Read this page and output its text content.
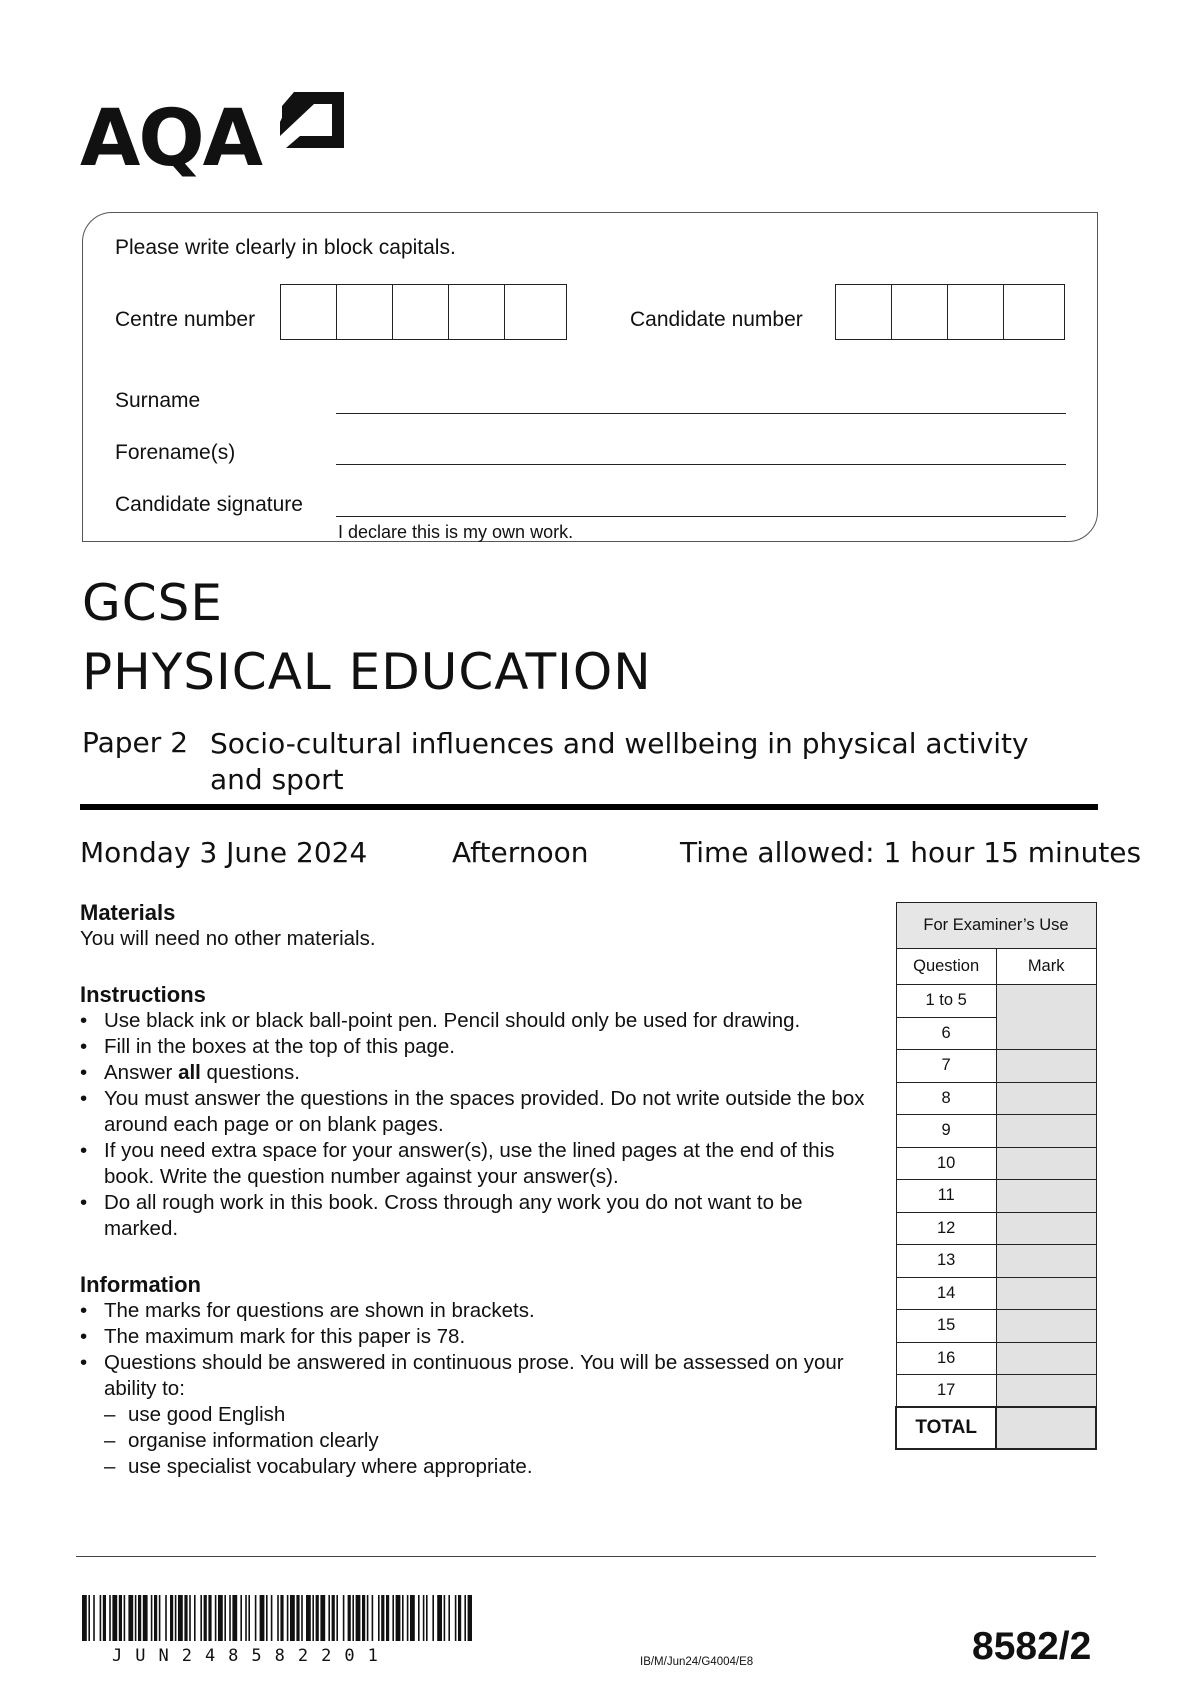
AQA
Please write clearly in block capitals.
Centre number	Candidate number
Surname
Forename(s)
Candidate signature
I declare this is my own work.
GCSE
PHYSICAL EDUCATION
Paper 2 Socio-cultural influences and wellbeing in physical activity and sport
Monday 3 June 2024	Afternoon	Time allowed: 1 hour 15 minutes
Materials
You will need no other materials.
Instructions
• Use black ink or black ball-point pen. Pencil should only be used for drawing.
• Fill in the boxes at the top of this page.
• Answer all questions.
• You must answer the questions in the spaces provided. Do not write outside the box around each page or on blank pages.
• If you need extra space for your answer(s), use the lined pages at the end of this book. Write the question number against your answer(s).
• Do all rough work in this book. Cross through any work you do not want to be marked.
Information
• The marks for questions are shown in brackets.
• The maximum mark for this paper is 78.
• Questions should be answered in continuous prose. You will be assessed on your ability to:
– use good English
– organise information clearly
– use specialist vocabulary where appropriate.
For Examiner’s Use	
Question	Mark
1 to 5	
6	
7	
8	
9	
10	
11	
12	
13	
14	
15	
16	
17	
TOTAL	
JUN248582201	IB/M/Jun24/G4004/E8	8582/2
